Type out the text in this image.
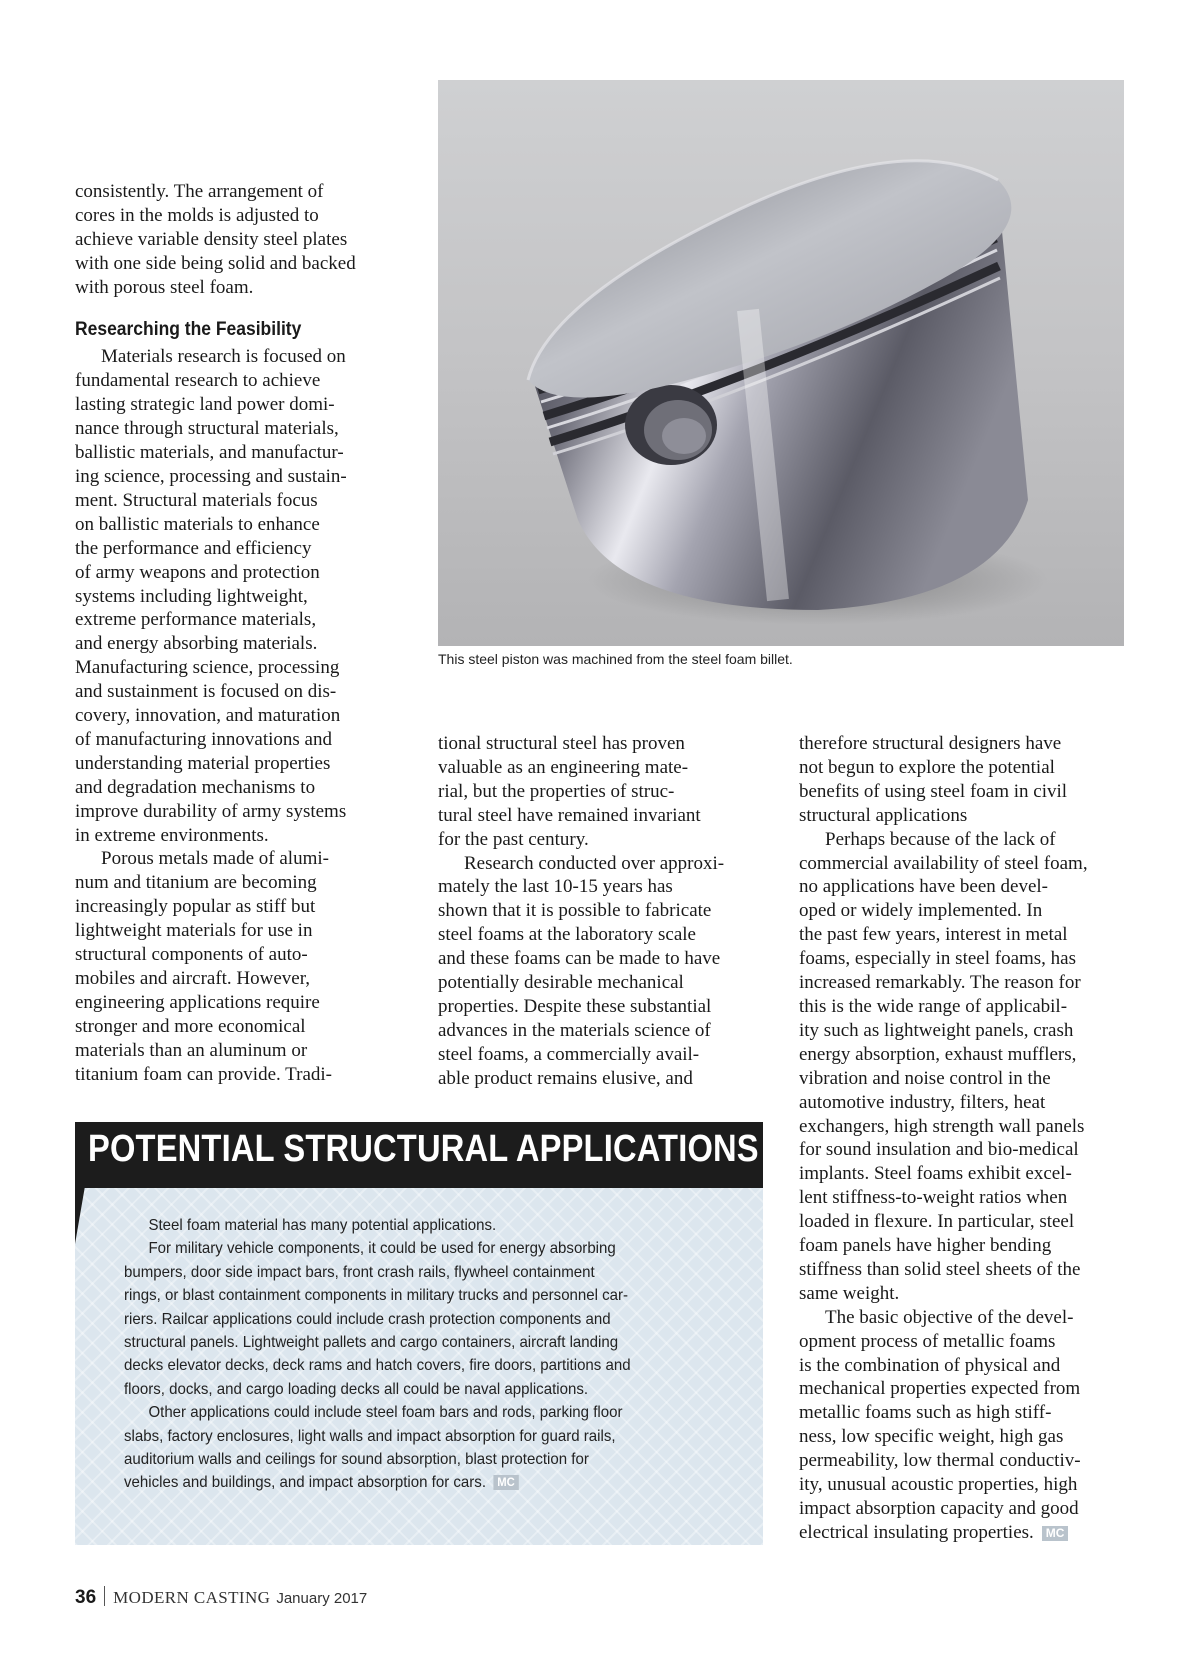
consistently. The arrangement of

cores in the molds is adjusted to

achieve variable density steel plates

with one side being solid and backed

with porous steel foam.

Researching the Feasibility

Materials research is focused on

fundamental research to achieve

lasting strategic land power domi-

nance through structural materials,

ballistic materials, and manufactur-

ing science, processing and sustain-

ment. Structural materials focus

on ballistic materials to enhance

the performance and efficiency

of army weapons and protection

systems including lightweight,

extreme performance materials,

and energy absorbing materials.

Manufacturing science, processing

and sustainment is focused on dis-

covery, innovation, and maturation

of manufacturing innovations and

understanding material properties

and degradation mechanisms to

improve durability of army systems

in extreme environments.

Porous metals made of alumi-

num and titanium are becoming

increasingly popular as stiff but

lightweight materials for use in

structural components of auto-

mobiles and aircraft. However,

engineering applications require

stronger and more economical

materials than an aluminum or

titanium foam can provide. Tradi-

This steel piston was machined from the steel foam billet.

tional structural steel has proven

valuable as an engineering mate-

rial, but the properties of struc-

tural steel have remained invariant

for the past century.

Research conducted over approxi-

mately the last 10-15 years has

shown that it is possible to fabricate

steel foams at the laboratory scale

and these foams can be made to have

potentially desirable mechanical

properties. Despite these substantial

advances in the materials science of

steel foams, a commercially avail-

able product remains elusive, and

therefore structural designers have

not begun to explore the potential

benefits of using steel foam in civil

structural applications

Perhaps because of the lack of

commercial availability of steel foam,

no applications have been devel-

oped or widely implemented. In

the past few years, interest in metal

foams, especially in steel foams, has

increased remarkably. The reason for

this is the wide range of applicabil-

ity such as lightweight panels, crash

energy absorption, exhaust mufflers,

vibration and noise control in the

automotive industry, filters, heat

exchangers, high strength wall panels

for sound insulation and bio-medical

implants. Steel foams exhibit excel-

lent stiffness-to-weight ratios when

loaded in flexure. In particular, steel

foam panels have higher bending

stiffness than solid steel sheets of the

same weight.

The basic objective of the devel-

opment process of metallic foams

is the combination of physical and

mechanical properties expected from

metallic foams such as high stiff-

ness, low specific weight, high gas

permeability, low thermal conductiv-

ity, unusual acoustic properties, high

impact absorption capacity and good

electrical insulating properties. MC

POTENTIAL STRUCTURAL APPLICATIONS

Steel foam material has many potential applications.

For military vehicle components, it could be used for energy absorbing

bumpers, door side impact bars, front crash rails, flywheel containment

rings, or blast containment components in military trucks and personnel car-

riers. Railcar applications could include crash protection components and

structural panels. Lightweight pallets and cargo containers, aircraft landing

decks elevator decks, deck rams and hatch covers, fire doors, partitions and

floors, docks, and cargo loading decks all could be naval applications.

Other applications could include steel foam bars and rods, parking floor

slabs, factory enclosures, light walls and impact absorption for guard rails,

auditorium walls and ceilings for sound absorption, blast protection for

vehicles and buildings, and impact absorption for cars. MC

36 MODERN CASTING January 2017
